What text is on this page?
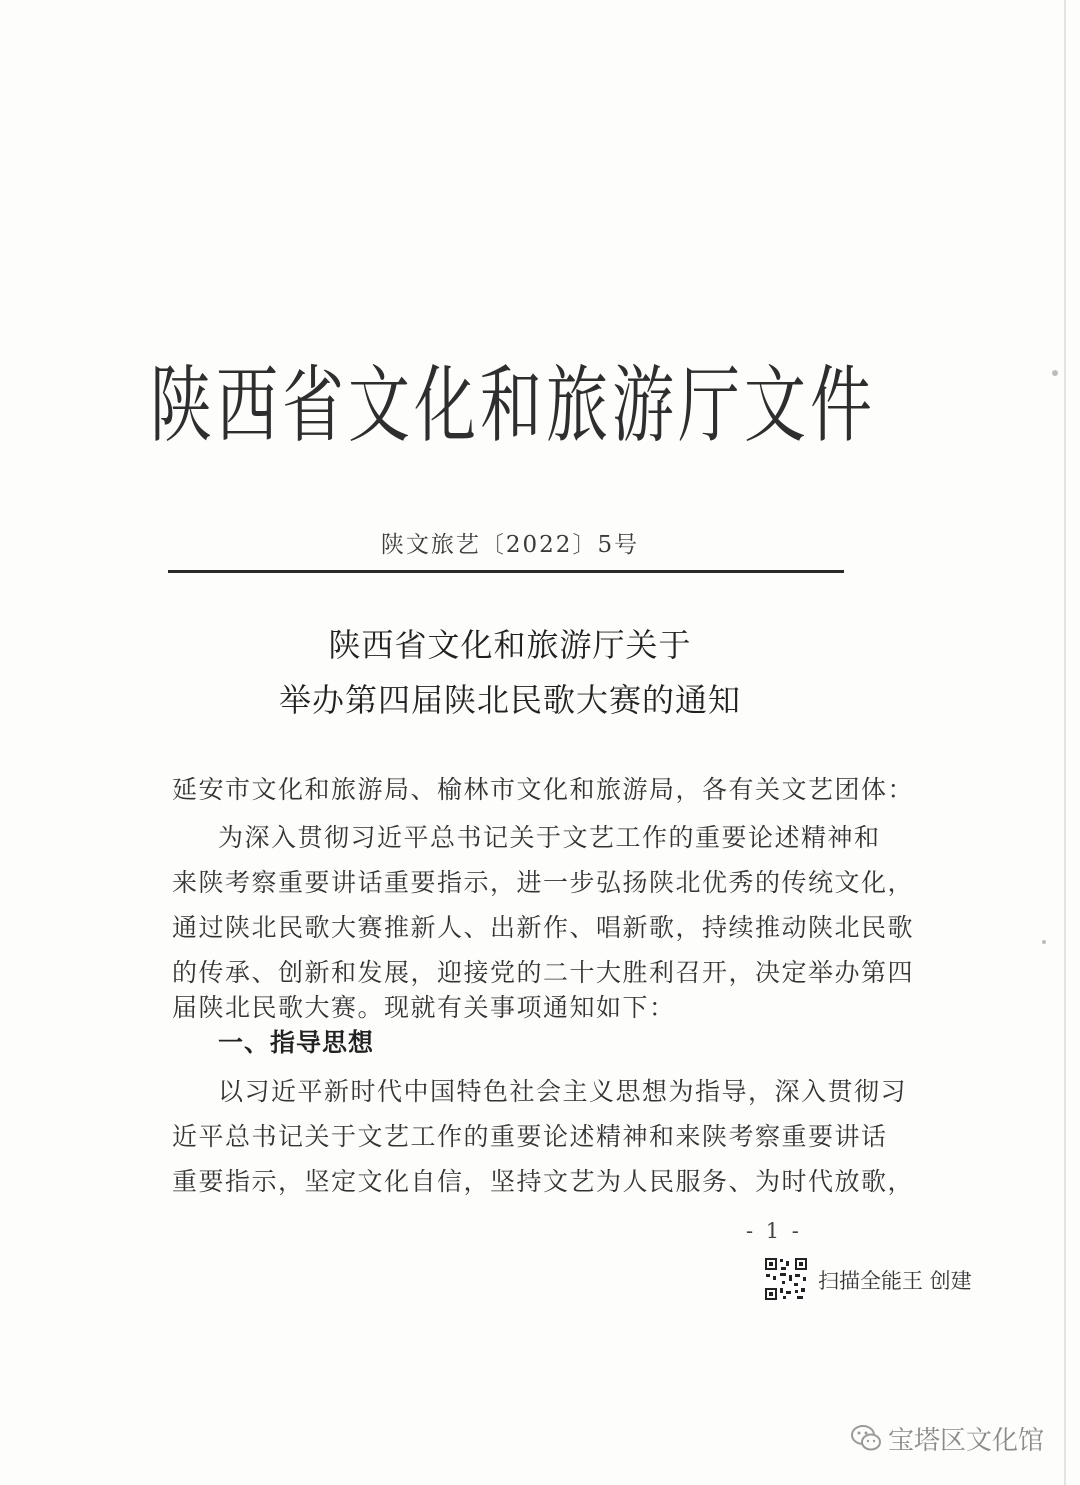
陕西省文化和旅游厅文件
陕文旅艺〔2022〕5号
陕西省文化和旅游厅关于
举办第四届陕北民歌大赛的通知
延安市文化和旅游局、榆林市文化和旅游局，各有关文艺团体：
为深入贯彻习近平总书记关于文艺工作的重要论述精神和
来陕考察重要讲话重要指示，进一步弘扬陕北优秀的传统文化，
通过陕北民歌大赛推新人、出新作、唱新歌，持续推动陕北民歌
的传承、创新和发展，迎接党的二十大胜利召开，决定举办第四
届陕北民歌大赛。现就有关事项通知如下：
一、指导思想
以习近平新时代中国特色社会主义思想为指导，深入贯彻习
近平总书记关于文艺工作的重要论述精神和来陕考察重要讲话
重要指示，坚定文化自信，坚持文艺为人民服务、为时代放歌，
- 1 -
扫描全能王 创建
宝塔区文化馆
